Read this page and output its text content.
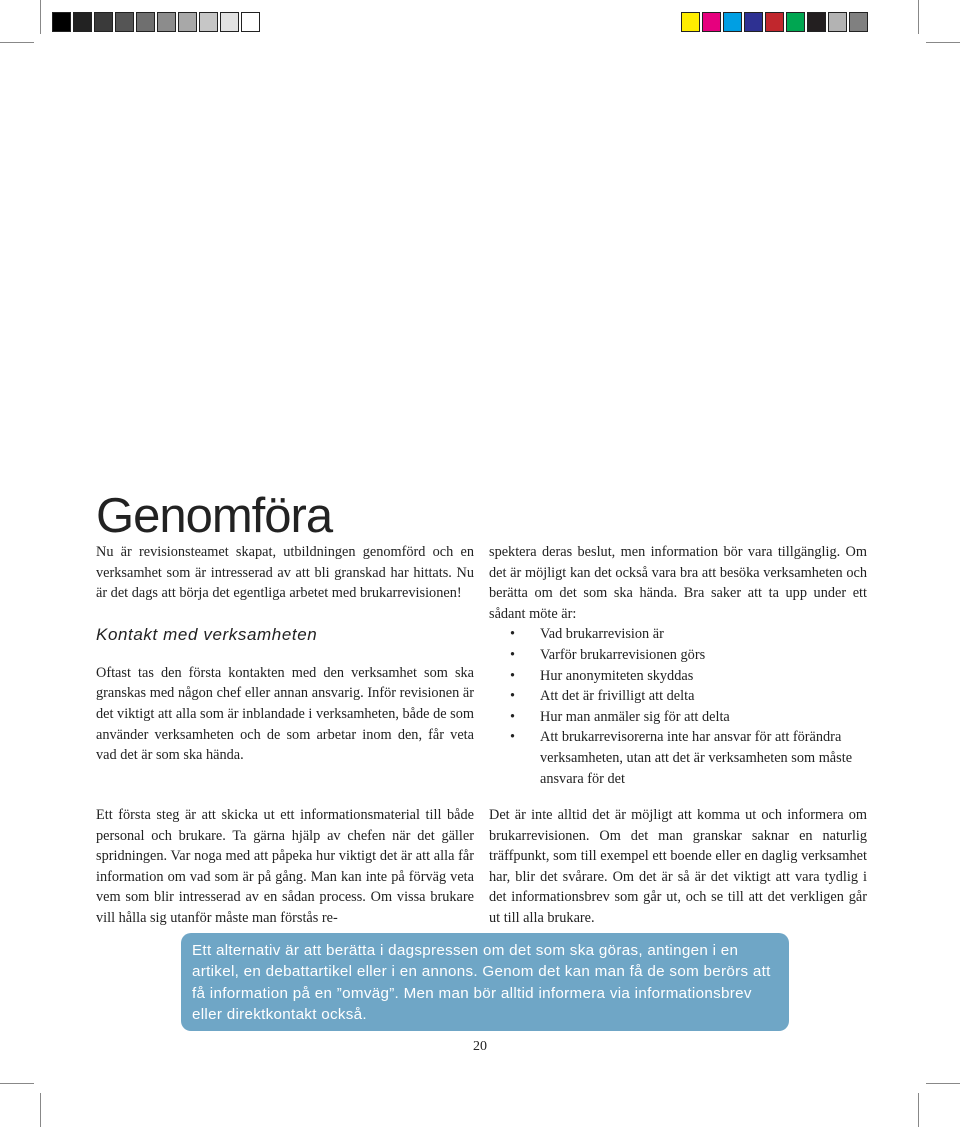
Genomföra

Nu är revisionsteamet skapat, utbildningen genomförd och en verksamhet som är intresserad av att bli granskad har hittats. Nu är det dags att börja det egentliga arbetet med brukarrevisionen!

Kontakt med verksamheten

Oftast tas den första kontakten med den verksamhet som ska granskas med någon chef eller annan ansvarig. Inför revisionen är det viktigt att alla som är inblandade i verksamheten, både de som använder verksamheten och de som arbetar inom den, får veta vad det är som ska hända.

Ett första steg är att skicka ut ett informationsmaterial till både personal och brukare. Ta gärna hjälp av chefen när det gäller spridningen. Var noga med att påpeka hur viktigt det är att alla får information om vad som är på gång. Man kan inte på förväg veta vem som blir intresserad av en sådan process. Om vissa brukare vill hålla sig utanför måste man förstås re-

spektera deras beslut, men information bör vara tillgänglig. Om det är möjligt kan det också vara bra att besöka verksamheten och berätta om det som ska hända. Bra saker att ta upp under ett sådant möte är:

• Vad brukarrevision är
• Varför brukarrevisionen görs
• Hur anonymiteten skyddas
• Att det är frivilligt att delta
• Hur man anmäler sig för att delta
• Att brukarrevisorerna inte har ansvar för att förändra verksamheten, utan att det är verksamheten som måste ansvara för det

Det är inte alltid det är möjligt att komma ut och informera om brukarrevisionen. Om det man granskar saknar en naturlig träffpunkt, som till exempel ett boende eller en daglig verksamhet har, blir det svårare. Om det är så är det viktigt att vara tydlig i det informationsbrev som går ut, och se till att det verkligen går ut till alla brukare.

Ett alternativ är att berätta i dagspressen om det som ska göras, antingen i en artikel, en debattartikel eller i en annons. Genom det kan man få de som berörs att få information på en ”omväg”. Men man bör alltid informera via informationsbrev eller direktkontakt också.
20
